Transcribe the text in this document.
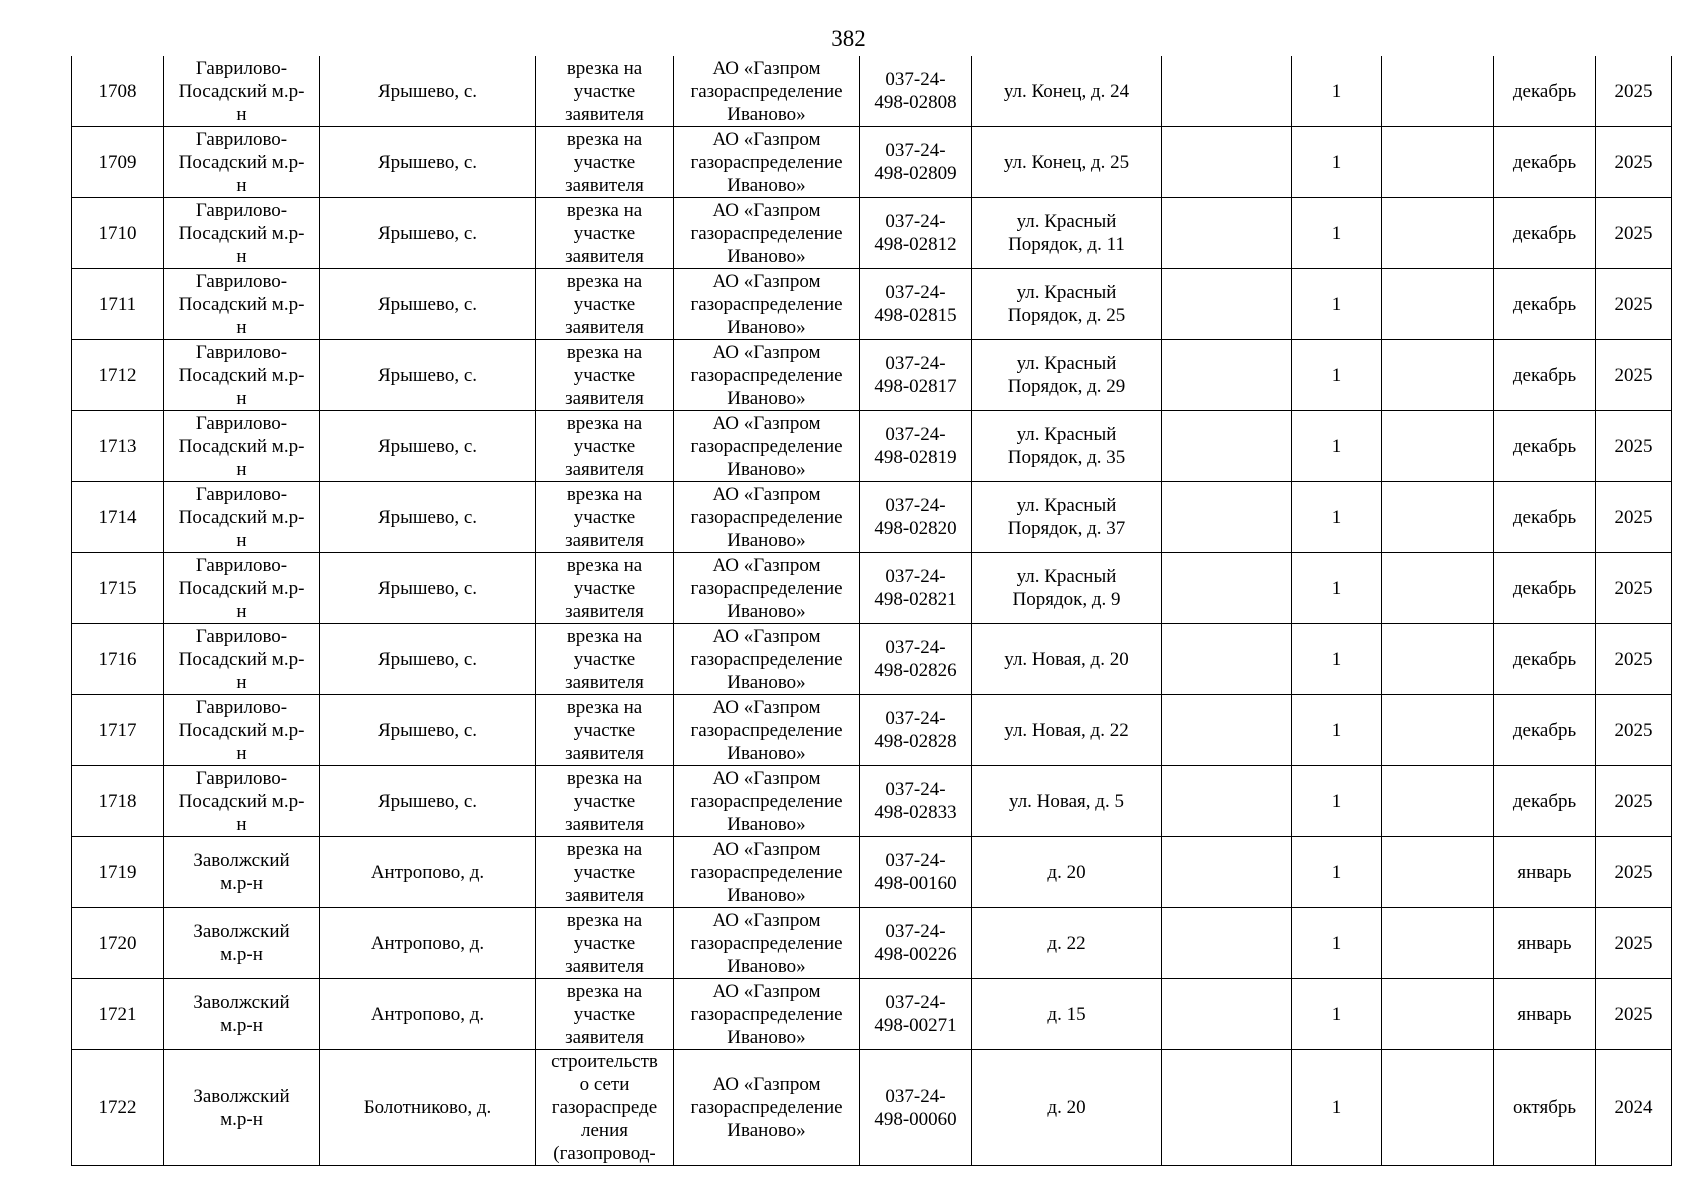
382
1708	Гаврилово-
Посадский м.р-
н	Ярышево, с.	врезка на
участке
заявителя	АО «Газпром
газораспределение
Иваново»	037-24-
498-02808	ул. Конец, д. 24		1		декабрь	2025
1709	Гаврилово-
Посадский м.р-
н	Ярышево, с.	врезка на
участке
заявителя	АО «Газпром
газораспределение
Иваново»	037-24-
498-02809	ул. Конец, д. 25		1		декабрь	2025
1710	Гаврилово-
Посадский м.р-
н	Ярышево, с.	врезка на
участке
заявителя	АО «Газпром
газораспределение
Иваново»	037-24-
498-02812	ул. Красный
Порядок, д. 11		1		декабрь	2025
1711	Гаврилово-
Посадский м.р-
н	Ярышево, с.	врезка на
участке
заявителя	АО «Газпром
газораспределение
Иваново»	037-24-
498-02815	ул. Красный
Порядок, д. 25		1		декабрь	2025
1712	Гаврилово-
Посадский м.р-
н	Ярышево, с.	врезка на
участке
заявителя	АО «Газпром
газораспределение
Иваново»	037-24-
498-02817	ул. Красный
Порядок, д. 29		1		декабрь	2025
1713	Гаврилово-
Посадский м.р-
н	Ярышево, с.	врезка на
участке
заявителя	АО «Газпром
газораспределение
Иваново»	037-24-
498-02819	ул. Красный
Порядок, д. 35		1		декабрь	2025
1714	Гаврилово-
Посадский м.р-
н	Ярышево, с.	врезка на
участке
заявителя	АО «Газпром
газораспределение
Иваново»	037-24-
498-02820	ул. Красный
Порядок, д. 37		1		декабрь	2025
1715	Гаврилово-
Посадский м.р-
н	Ярышево, с.	врезка на
участке
заявителя	АО «Газпром
газораспределение
Иваново»	037-24-
498-02821	ул. Красный
Порядок, д. 9		1		декабрь	2025
1716	Гаврилово-
Посадский м.р-
н	Ярышево, с.	врезка на
участке
заявителя	АО «Газпром
газораспределение
Иваново»	037-24-
498-02826	ул. Новая, д. 20		1		декабрь	2025
1717	Гаврилово-
Посадский м.р-
н	Ярышево, с.	врезка на
участке
заявителя	АО «Газпром
газораспределение
Иваново»	037-24-
498-02828	ул. Новая, д. 22		1		декабрь	2025
1718	Гаврилово-
Посадский м.р-
н	Ярышево, с.	врезка на
участке
заявителя	АО «Газпром
газораспределение
Иваново»	037-24-
498-02833	ул. Новая, д. 5		1		декабрь	2025
1719	Заволжский
м.р-н	Антропово, д.	врезка на
участке
заявителя	АО «Газпром
газораспределение
Иваново»	037-24-
498-00160	д. 20		1		январь	2025
1720	Заволжский
м.р-н	Антропово, д.	врезка на
участке
заявителя	АО «Газпром
газораспределение
Иваново»	037-24-
498-00226	д. 22		1		январь	2025
1721	Заволжский
м.р-н	Антропово, д.	врезка на
участке
заявителя	АО «Газпром
газораспределение
Иваново»	037-24-
498-00271	д. 15		1		январь	2025
1722	Заволжский
м.р-н	Болотниково, д.	строительств
о сети
газораспреде
ления
(газопровод-	АО «Газпром
газораспределение
Иваново»	037-24-
498-00060	д. 20		1		октябрь	2024
